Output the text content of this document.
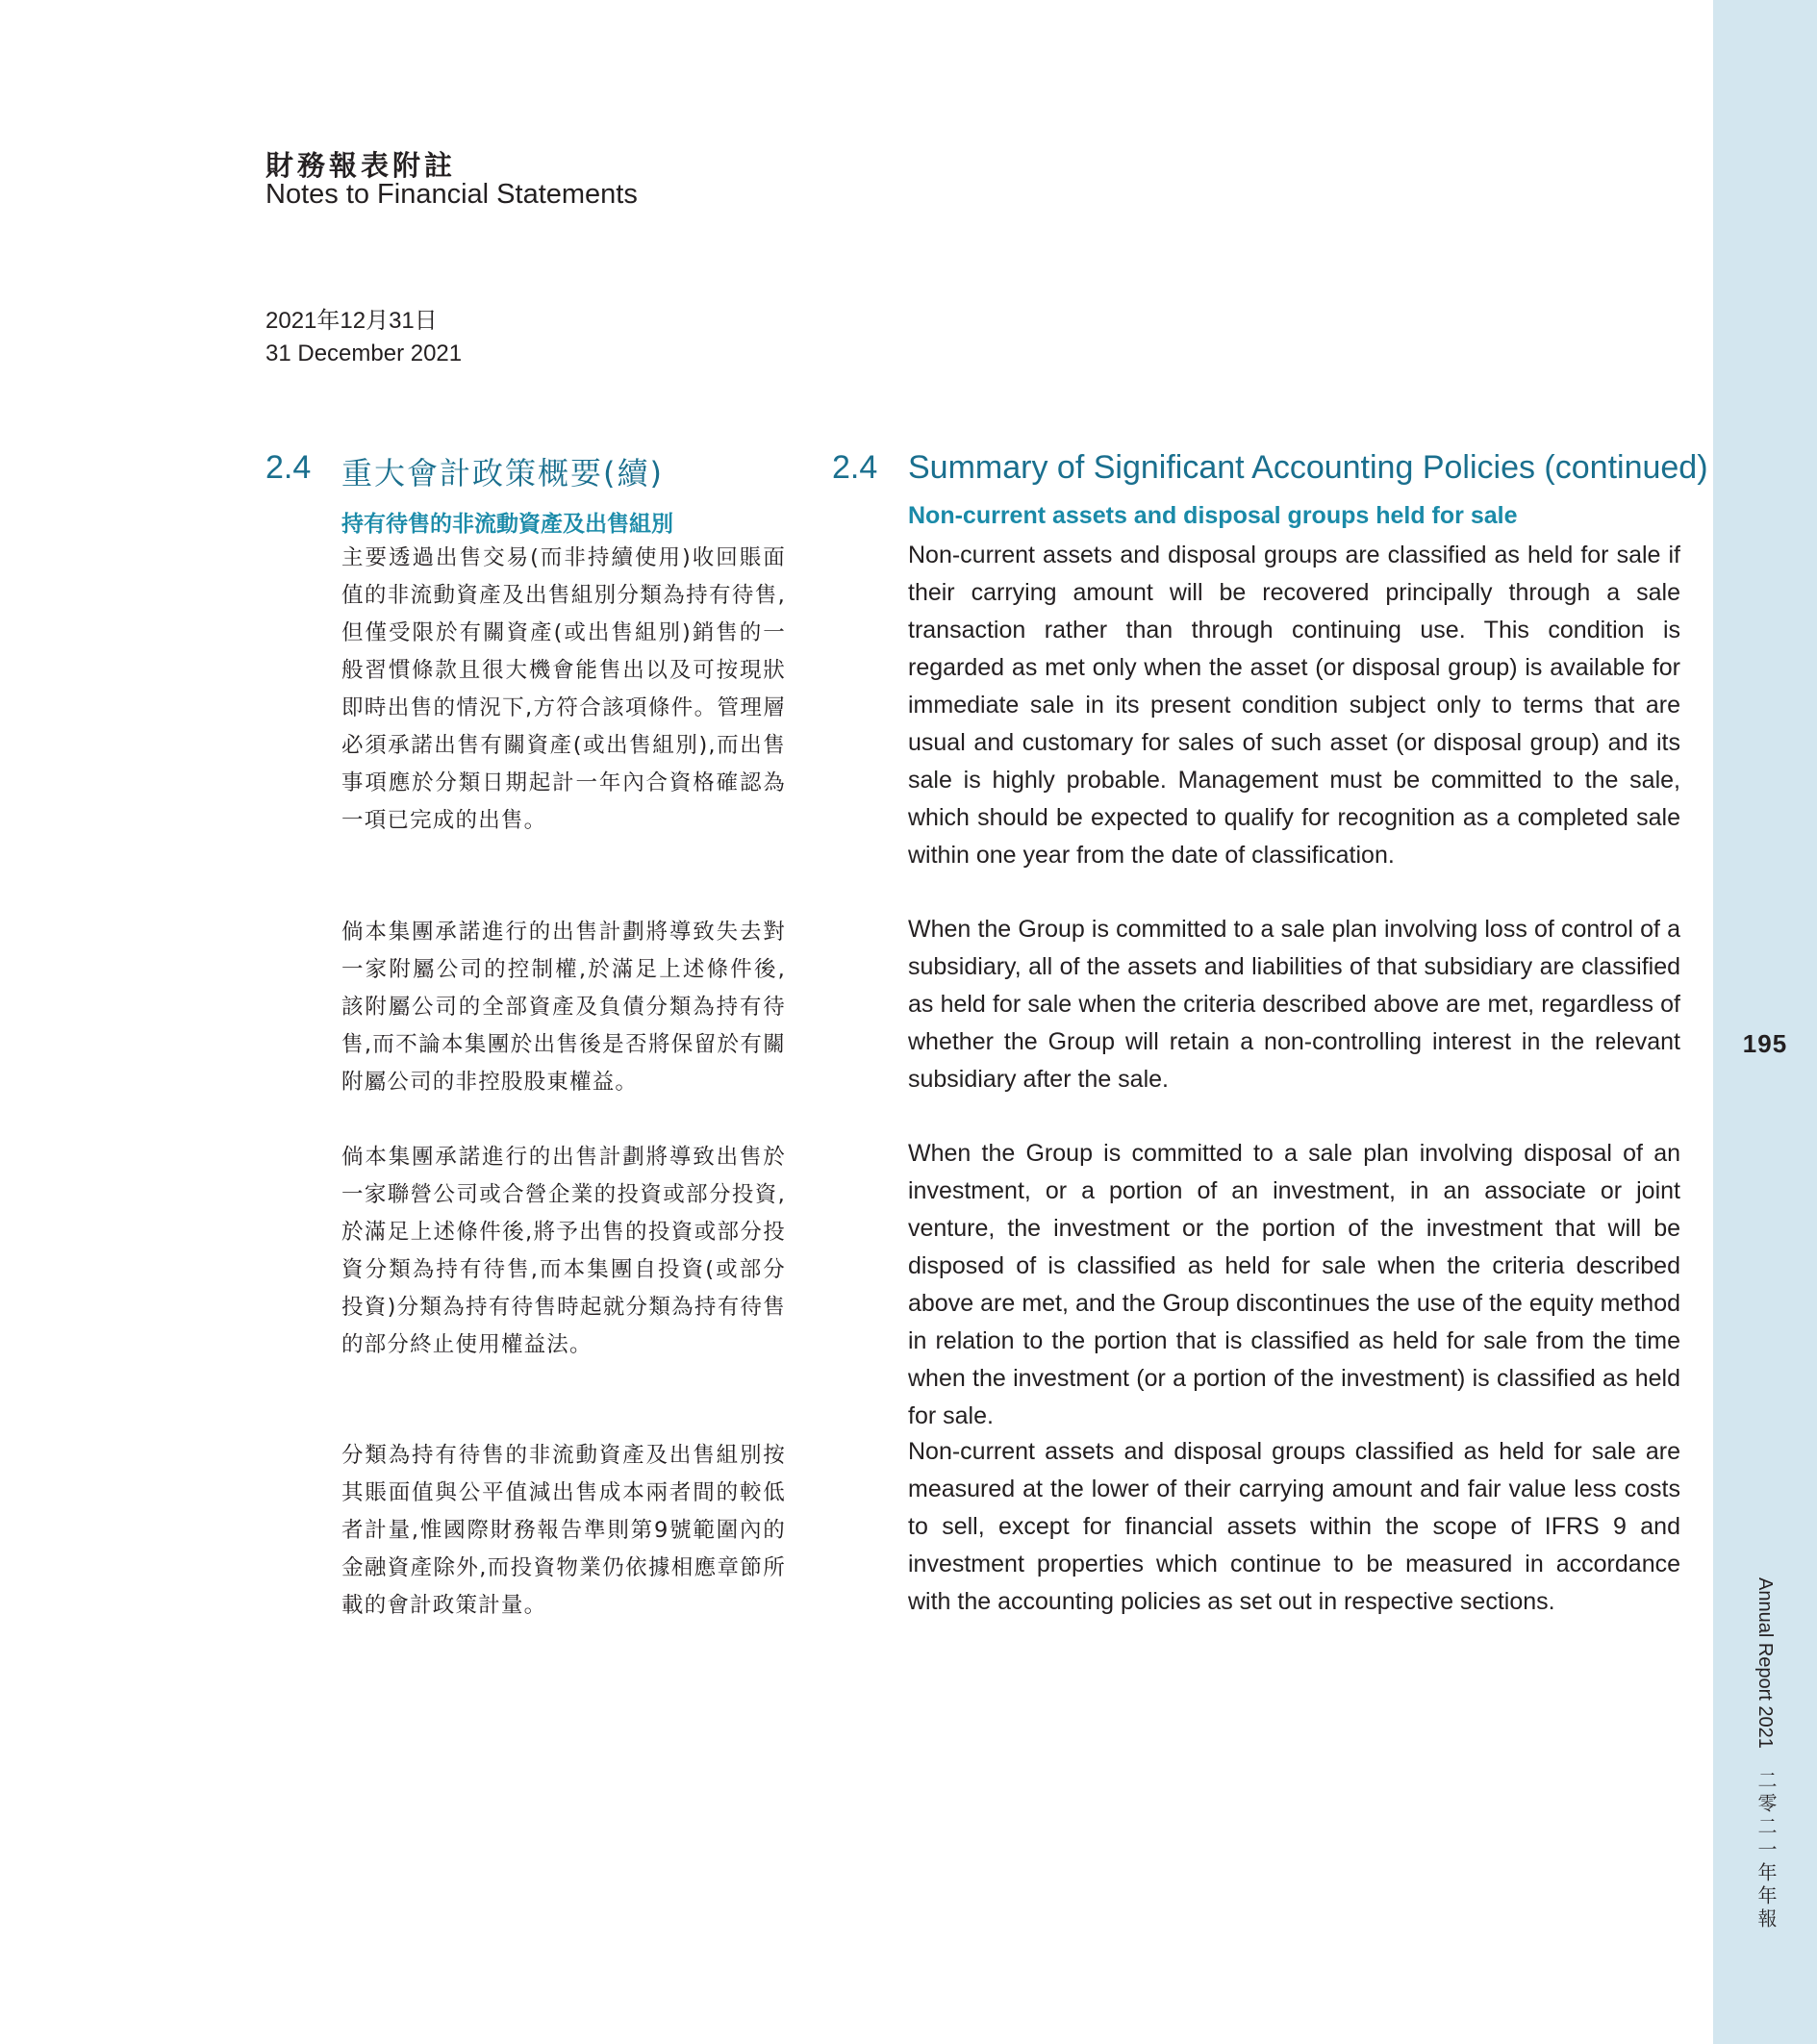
195
Annual Report 2021二零二一年年報
財務報表附註
Notes to Financial Statements
2021年12月31日
31 December 2021
2.4 重大會計政策概要(續)	2.4 Summary of Significant Accounting Policies (continued)
持有待售的非流動資產及出售組別	Non-current assets and disposal groups held for sale

主要透過出售交易(而非持續使用)收回賬面值的非流動資產及出售組別分類為持有待售,但僅受限於有關資產(或出售組別)銷售的一般習慣條款且很大機會能售出以及可按現狀即時出售的情況下,方符合該項條件。管理層必須承諾出售有關資產(或出售組別),而出售事項應於分類日期起計一年內合資格確認為一項已完成的出售。

倘本集團承諾進行的出售計劃將導致失去對一家附屬公司的控制權,於滿足上述條件後,該附屬公司的全部資產及負債分類為持有待售,而不論本集團於出售後是否將保留於有關附屬公司的非控股股東權益。

倘本集團承諾進行的出售計劃將導致出售於一家聯營公司或合營企業的投資或部分投資,於滿足上述條件後,將予出售的投資或部分投資分類為持有待售,而本集團自投資(或部分投資)分類為持有待售時起就分類為持有待售的部分終止使用權益法。

分類為持有待售的非流動資產及出售組別按其賬面值與公平值減出售成本兩者間的較低者計量,惟國際財務報告準則第9號範圍內的金融資產除外,而投資物業仍依據相應章節所載的會計政策計量。

Non-current assets and disposal groups are classified as held for sale if their carrying amount will be recovered principally through a sale transaction rather than through continuing use. This condition is regarded as met only when the asset (or disposal group) is available for immediate sale in its present condition subject only to terms that are usual and customary for sales of such asset (or disposal group) and its sale is highly probable. Management must be committed to the sale, which should be expected to qualify for recognition as a completed sale within one year from the date of classification.

When the Group is committed to a sale plan involving loss of control of a subsidiary, all of the assets and liabilities of that subsidiary are classified as held for sale when the criteria described above are met, regardless of whether the Group will retain a non-controlling interest in the relevant subsidiary after the sale.

When the Group is committed to a sale plan involving disposal of an investment, or a portion of an investment, in an associate or joint venture, the investment or the portion of the investment that will be disposed of is classified as held for sale when the criteria described above are met, and the Group discontinues the use of the equity method in relation to the portion that is classified as held for sale from the time when the investment (or a portion of the investment) is classified as held for sale.

Non-current assets and disposal groups classified as held for sale are measured at the lower of their carrying amount and fair value less costs to sell, except for financial assets within the scope of IFRS 9 and investment properties which continue to be measured in accordance with the accounting policies as set out in respective sections.
